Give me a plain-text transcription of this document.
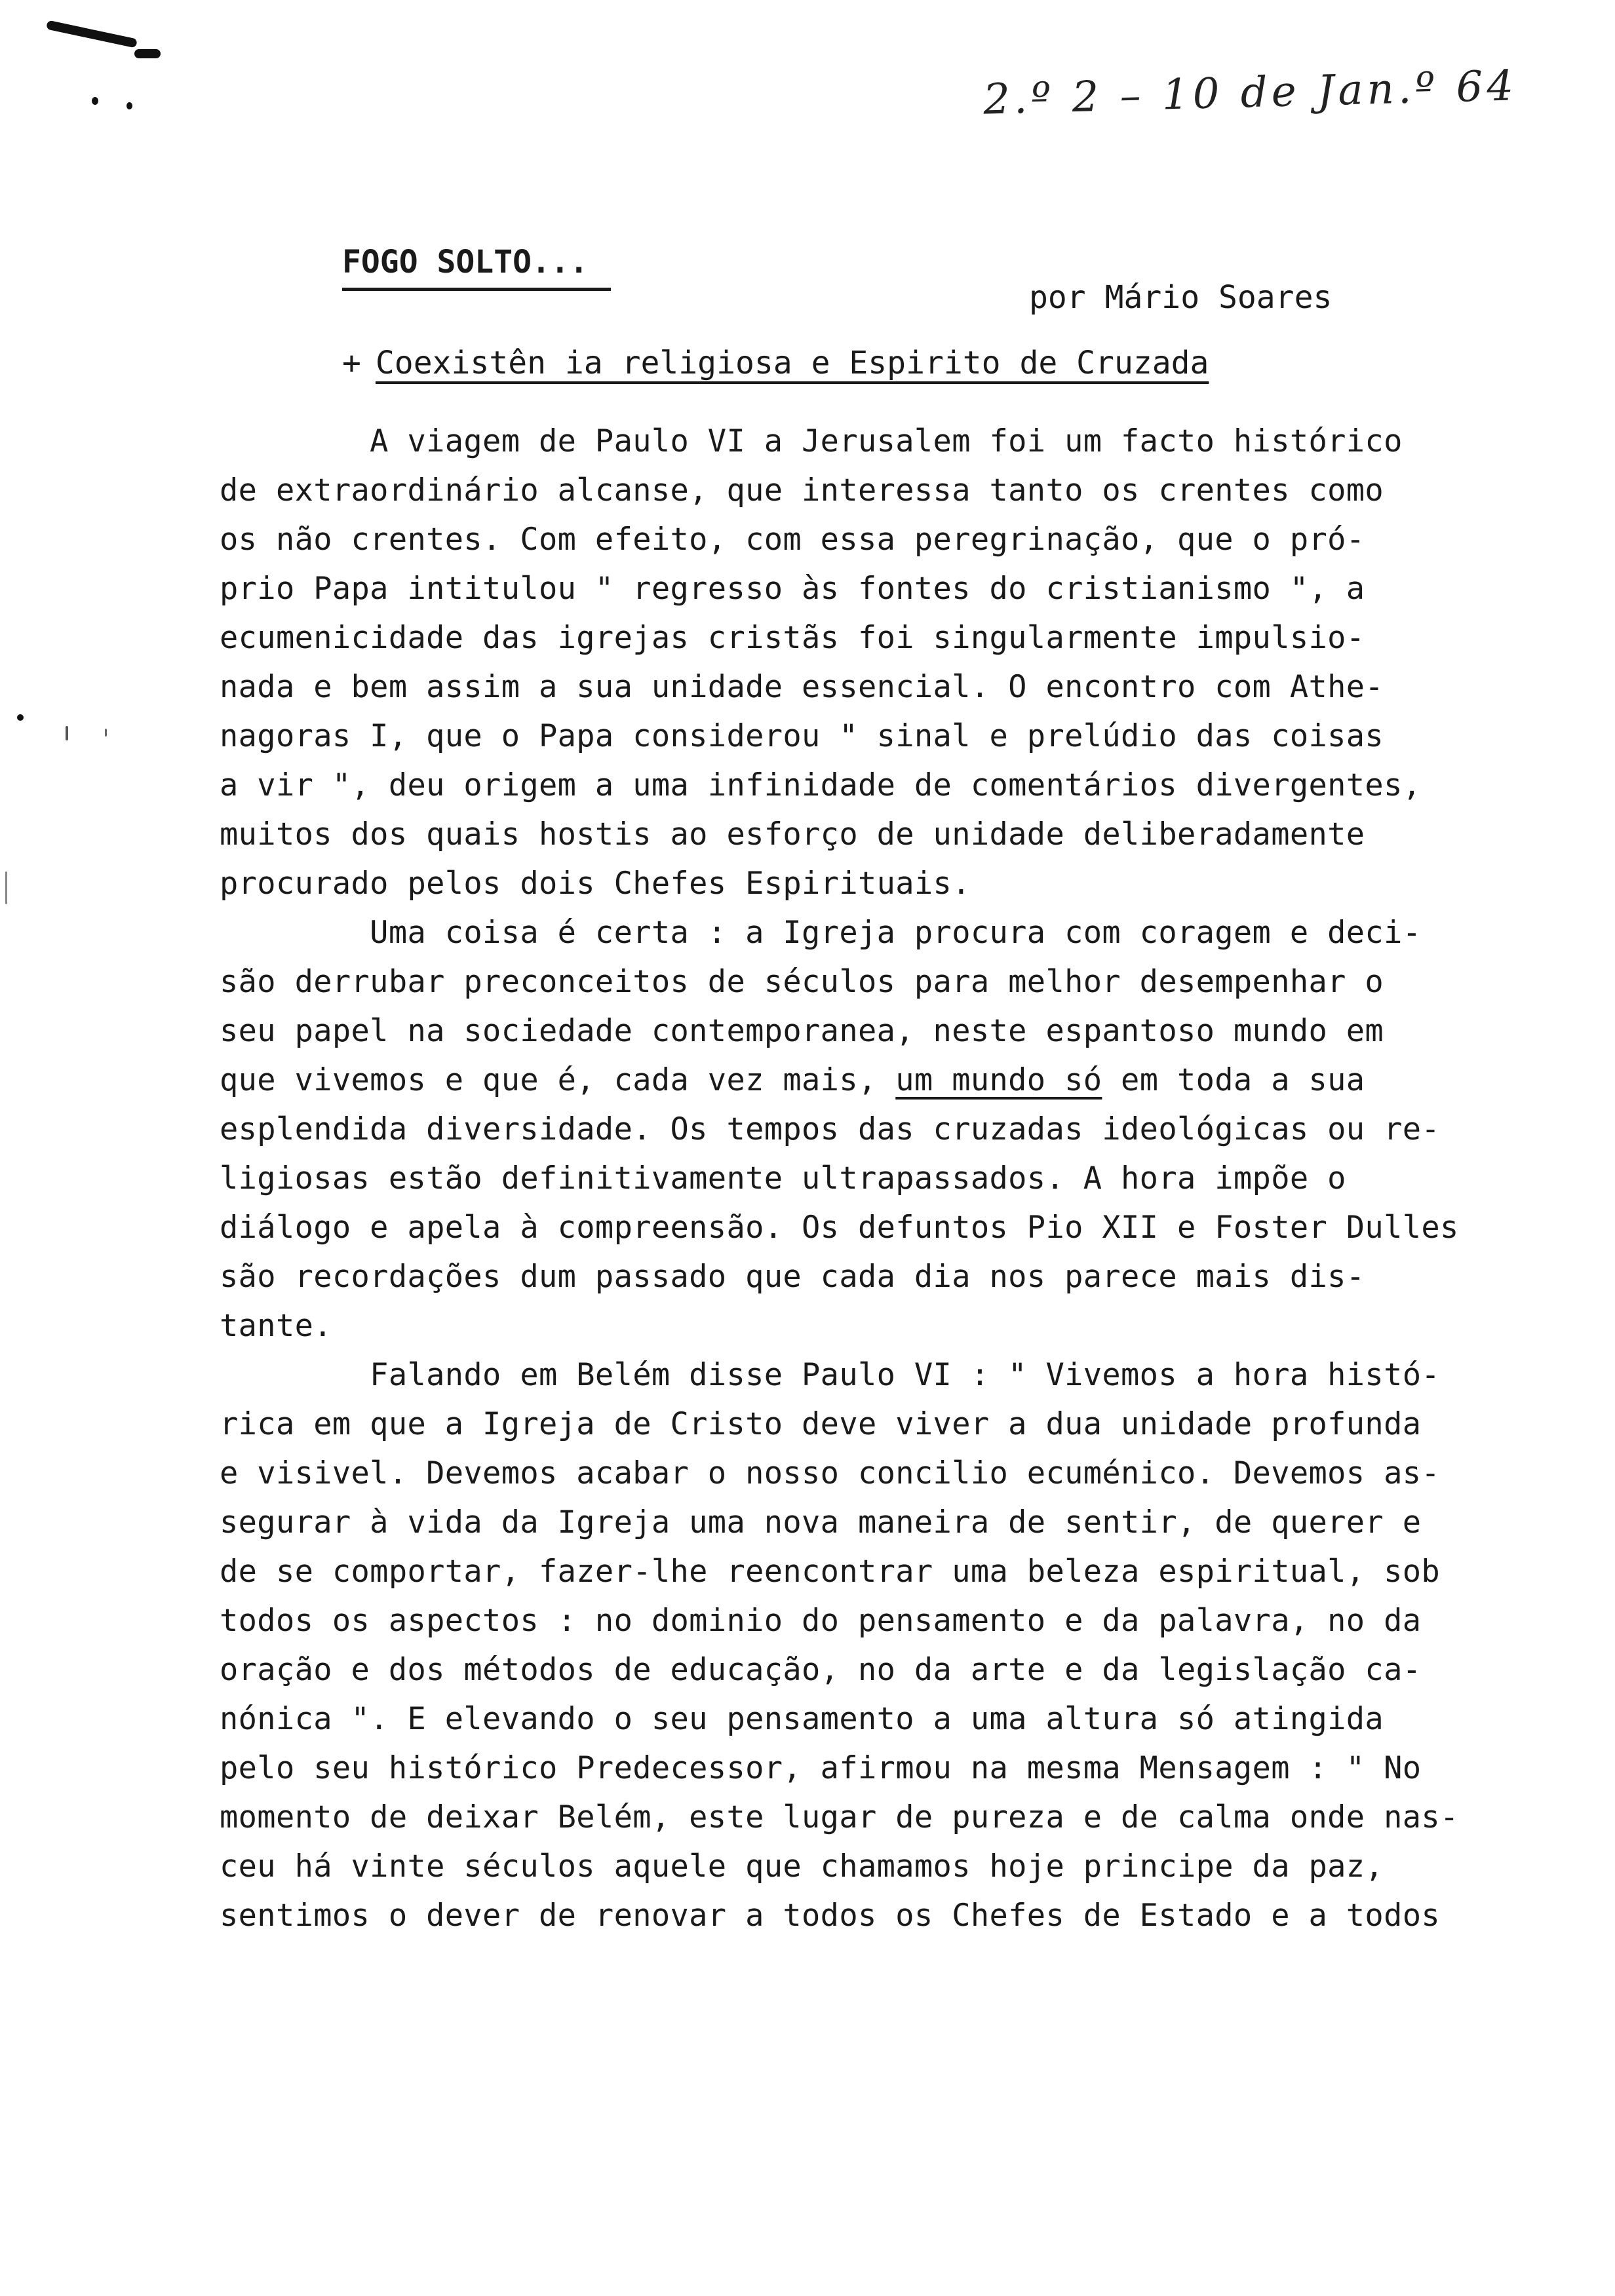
2.º 2 – 10 de Jan.º 64
FOGO SOLTO...
por Mário Soares
+ Coexistên ia religiosa e Espirito de Cruzada
A viagem de Paulo VI a Jerusalem foi um facto histórico
de extraordinário alcanse, que interessa tanto os crentes como
os não crentes. Com efeito, com essa peregrinação, que o pró-
prio Papa intitulou " regresso às fontes do cristianismo ", a
ecumenicidade das igrejas cristãs foi singularmente impulsio-
nada e bem assim a sua unidade essencial. O encontro com Athe-
nagoras I, que o Papa considerou " sinal e prelúdio das coisas
a vir ", deu origem a uma infinidade de comentários divergentes,
muitos dos quais hostis ao esforço de unidade deliberadamente
procurado pelos dois Chefes Espirituais.
Uma coisa é certa : a Igreja procura com coragem e deci-
são derrubar preconceitos de séculos para melhor desempenhar o
seu papel na sociedade contemporanea, neste espantoso mundo em
que vivemos e que é, cada vez mais, um mundo só em toda a sua
esplendida diversidade. Os tempos das cruzadas ideológicas ou re-
ligiosas estão definitivamente ultrapassados. A hora impõe o
diálogo e apela à compreensão. Os defuntos Pio XII e Foster Dulles
são recordações dum passado que cada dia nos parece mais dis-
tante.
Falando em Belém disse Paulo VI : " Vivemos a hora histó-
rica em que a Igreja de Cristo deve viver a dua unidade profunda
e visivel. Devemos acabar o nosso concilio ecuménico. Devemos as-
segurar à vida da Igreja uma nova maneira de sentir, de querer e
de se comportar, fazer-lhe reencontrar uma beleza espiritual, sob
todos os aspectos : no dominio do pensamento e da palavra, no da
oração e dos métodos de educação, no da arte e da legislação ca-
nónica ". E elevando o seu pensamento a uma altura só atingida
pelo seu histórico Predecessor, afirmou na mesma Mensagem : " No
momento de deixar Belém, este lugar de pureza e de calma onde nas-
ceu há vinte séculos aquele que chamamos hoje principe da paz,
sentimos o dever de renovar a todos os Chefes de Estado e a todos
